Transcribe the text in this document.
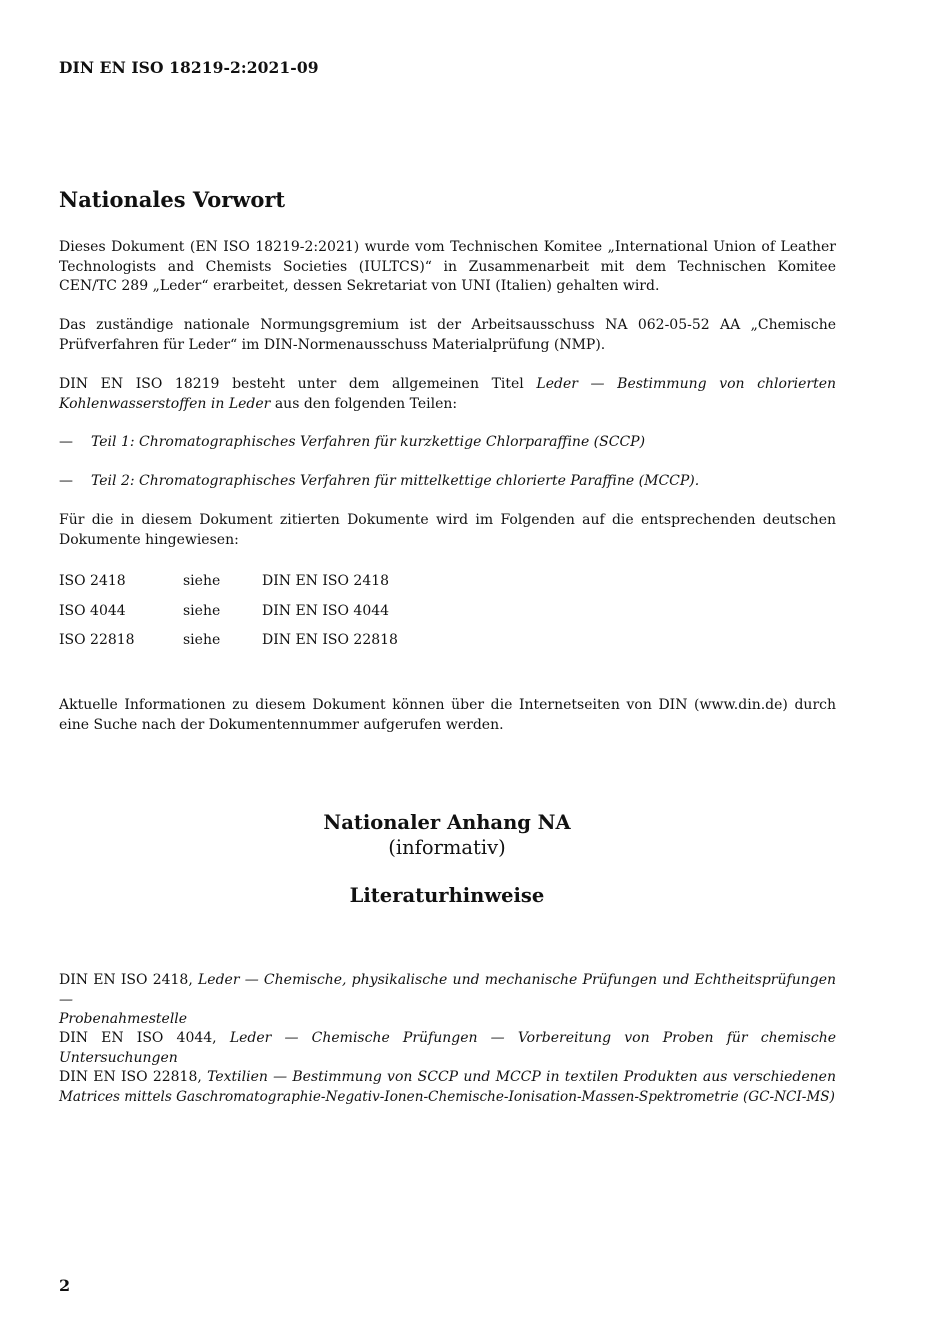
DIN EN ISO 18219-2:2021-09
Nationales Vorwort
Dieses Dokument (EN ISO 18219-2:2021) wurde vom Technischen Komitee „International Union of Leather
Technologists and Chemists Societies (IULTCS)“ in Zusammenarbeit mit dem Technischen Komitee
CEN/TC 289 „Leder“ erarbeitet, dessen Sekretariat von UNI (Italien) gehalten wird.
Das zuständige nationale Normungsgremium ist der Arbeitsausschuss NA 062-05-52 AA „Chemische
Prüfverfahren für Leder“ im DIN-Normenausschuss Materialprüfung (NMP).
DIN EN ISO 18219 besteht unter dem allgemeinen Titel Leder — Bestimmung von chlorierten
Kohlenwasserstoffen in Leder aus den folgenden Teilen:
— Teil 1: Chromatographisches Verfahren für kurzkettige Chlorparaffine (SCCP)
— Teil 2: Chromatographisches Verfahren für mittelkettige chlorierte Paraffine (MCCP).
Für die in diesem Dokument zitierten Dokumente wird im Folgenden auf die entsprechenden deutschen
Dokumente hingewiesen:
ISO 2418	siehe	DIN EN ISO 2418
ISO 4044	siehe	DIN EN ISO 4044
ISO 22818	siehe	DIN EN ISO 22818
Aktuelle Informationen zu diesem Dokument können über die Internetseiten von DIN (www.din.de) durch
eine Suche nach der Dokumentennummer aufgerufen werden.
Nationaler Anhang NA
(informativ)
Literaturhinweise
DIN EN ISO 2418, Leder — Chemische, physikalische und mechanische Prüfungen und Echtheitsprüfungen —
Probenahmestelle
DIN EN ISO 4044, Leder — Chemische Prüfungen — Vorbereitung von Proben für chemische Untersuchungen
DIN EN ISO 22818, Textilien — Bestimmung von SCCP und MCCP in textilen Produkten aus verschiedenen
Matrices mittels Gaschromatographie-Negativ-Ionen-Chemische-Ionisation-Massen-Spektrometrie (GC-NCI-MS)
2
